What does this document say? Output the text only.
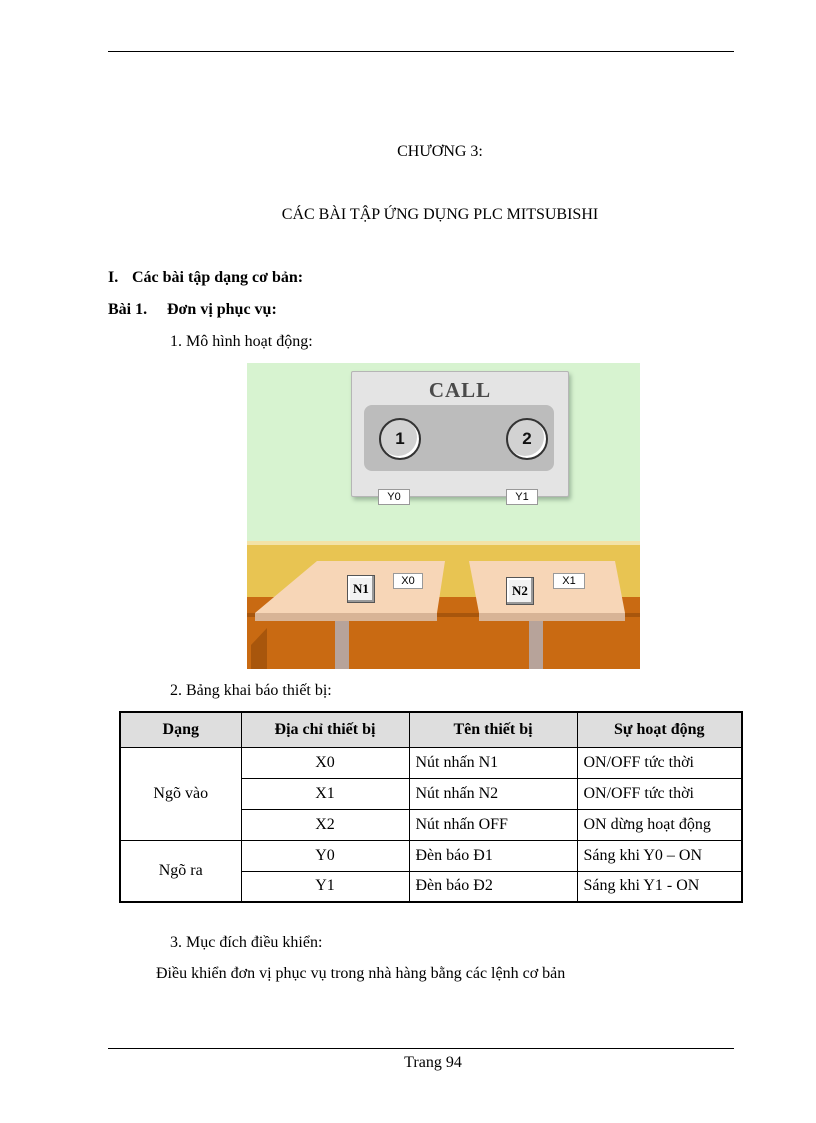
CHƯƠNG 3:
CÁC BÀI TẬP ỨNG DỤNG PLC MITSUBISHI
I. Các bài tập dạng cơ bản:
Bài 1. Đơn vị phục vụ:
1. Mô hình hoạt động:
CALL
1	2
Y0	Y1
N1	X0
N2
X1
2. Bảng khai báo thiết bị:
Dạng	Địa chỉ thiết bị	Tên thiết bị	Sự hoạt động
Ngõ vào	X0	Nút nhấn N1	ON/OFF tức thời
	X1	Nút nhấn N2	ON/OFF tức thời
	X2	Nút nhấn OFF	ON dừng hoạt động
Ngõ ra	Y0	Đèn báo Đ1	Sáng khi Y0 – ON
	Y1	Đèn báo Đ2	Sáng khi Y1 - ON
3. Mục đích điều khiển:
Điều khiển đơn vị phục vụ trong nhà hàng bằng các lệnh cơ bản
Trang 94
